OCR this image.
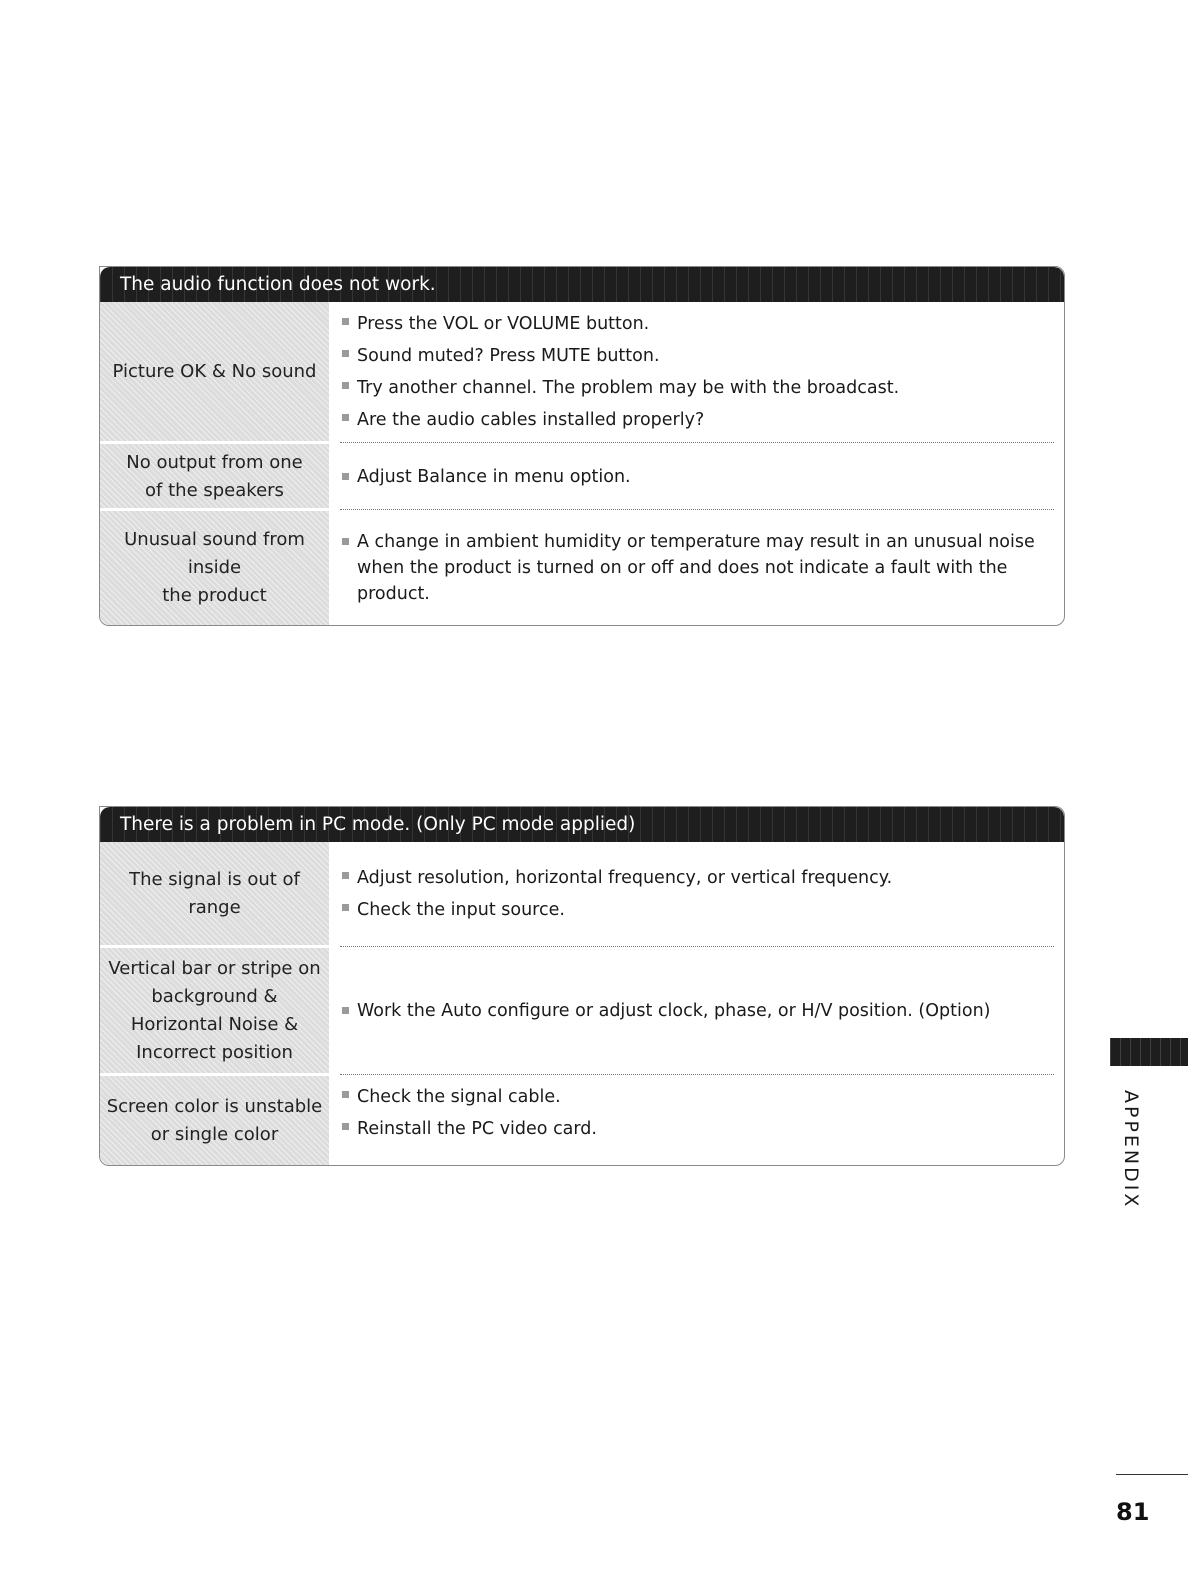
The audio function does not work.
Picture OK & No sound
Press the VOL or VOLUME button.
Sound muted? Press MUTE button.
Try another channel. The problem may be with the broadcast.
Are the audio cables installed properly?
No output from one
of the speakers
Adjust Balance in menu option.
Unusual sound from
inside
the product
A change in ambient humidity or temperature may result in an unusual noise when the product is turned on or off and does not indicate a fault with the product.
There is a problem in PC mode. (Only PC mode applied)
The signal is out of range
Adjust resolution, horizontal frequency, or vertical frequency.
Check the input source.
Vertical bar or stripe on
background &
Horizontal Noise &
Incorrect position
Work the Auto configure or adjust clock, phase, or H/V position. (Option)
Screen color is unstable
or single color
Check the signal cable.
Reinstall the PC video card.	APPENDIX
81
